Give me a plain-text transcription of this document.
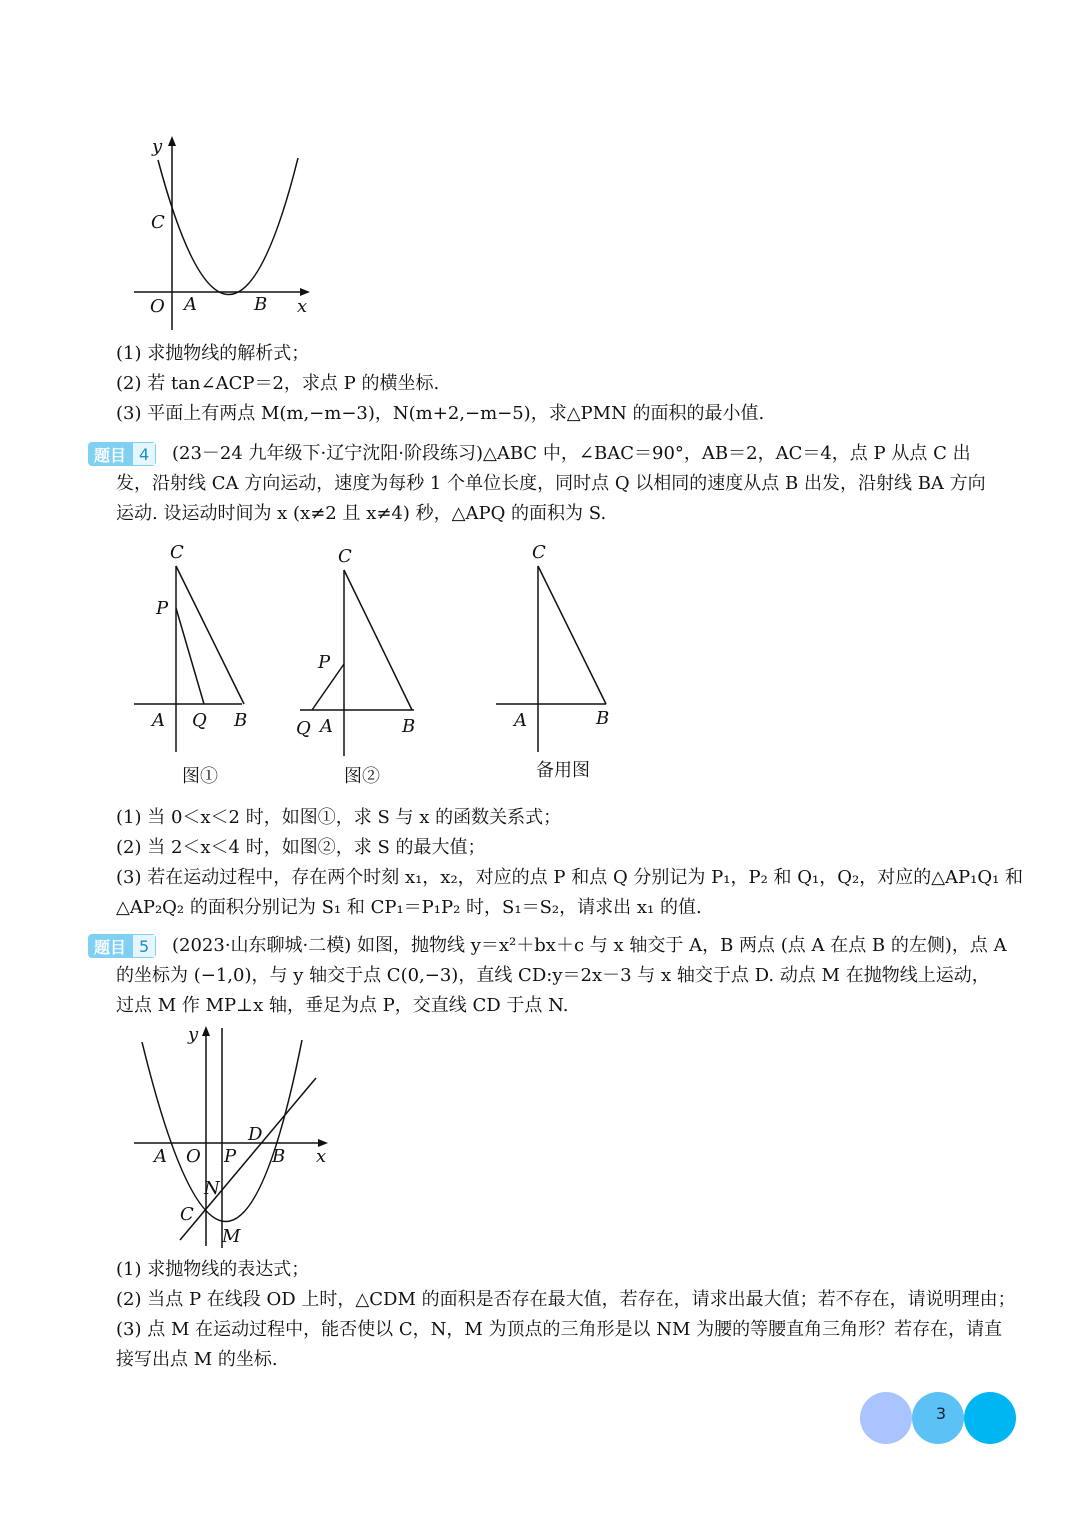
y
x
O
C
A	B
(1) 求抛物线的解析式；
(2) 若 tan∠ACP＝2，求点 P 的横坐标.
(3) 平面上有两点 M(m,−m−3)，N(m+2,−m−5)，求△PMN 的面积的最小值.
题目 4	(23－24 九年级下·辽宁沈阳·阶段练习)△ABC 中，∠BAC＝90°，AB＝2，AC＝4，点 P 从点 C 出
发，沿射线 CA 方向运动，速度为每秒 1 个单位长度，同时点 Q 以相同的速度从点 B 出发，沿射线 BA 方向
运动. 设运动时间为 x (x≠2 且 x≠4) 秒，△APQ 的面积为 S.
C
P
A Q B
图①
C
P
Q A	B
图②
C
A	B
备用图
(1) 当 0＜x＜2 时，如图①，求 S 与 x 的函数关系式；
(2) 当 2＜x＜4 时，如图②，求 S 的最大值；
(3) 若在运动过程中，存在两个时刻 x₁，x₂，对应的点 P 和点 Q 分别记为 P₁，P₂ 和 Q₁，Q₂，对应的△AP₁Q₁ 和
△AP₂Q₂ 的面积分别记为 S₁ 和 CP₁＝P₁P₂ 时，S₁＝S₂，请求出 x₁ 的值.
题目 5	(2023·山东聊城·二模) 如图，抛物线 y＝x²＋bx＋c 与 x 轴交于 A，B 两点 (点 A 在点 B 的左侧)，点 A
的坐标为 (−1,0)，与 y 轴交于点 C(0,−3)，直线 CD:y＝2x－3 与 x 轴交于点 D. 动点 M 在抛物线上运动，
过点 M 作 MP⊥x 轴，垂足为点 P，交直线 CD 于点 N.
y
x
A O P
D
B
N
C
M
(1) 求抛物线的表达式；
(2) 当点 P 在线段 OD 上时，△CDM 的面积是否存在最大值，若存在，请求出最大值；若不存在，请说明理由；
(3) 点 M 在运动过程中，能否使以 C，N，M 为顶点的三角形是以 NM 为腰的等腰直角三角形？若存在，请直
接写出点 M 的坐标.
3
